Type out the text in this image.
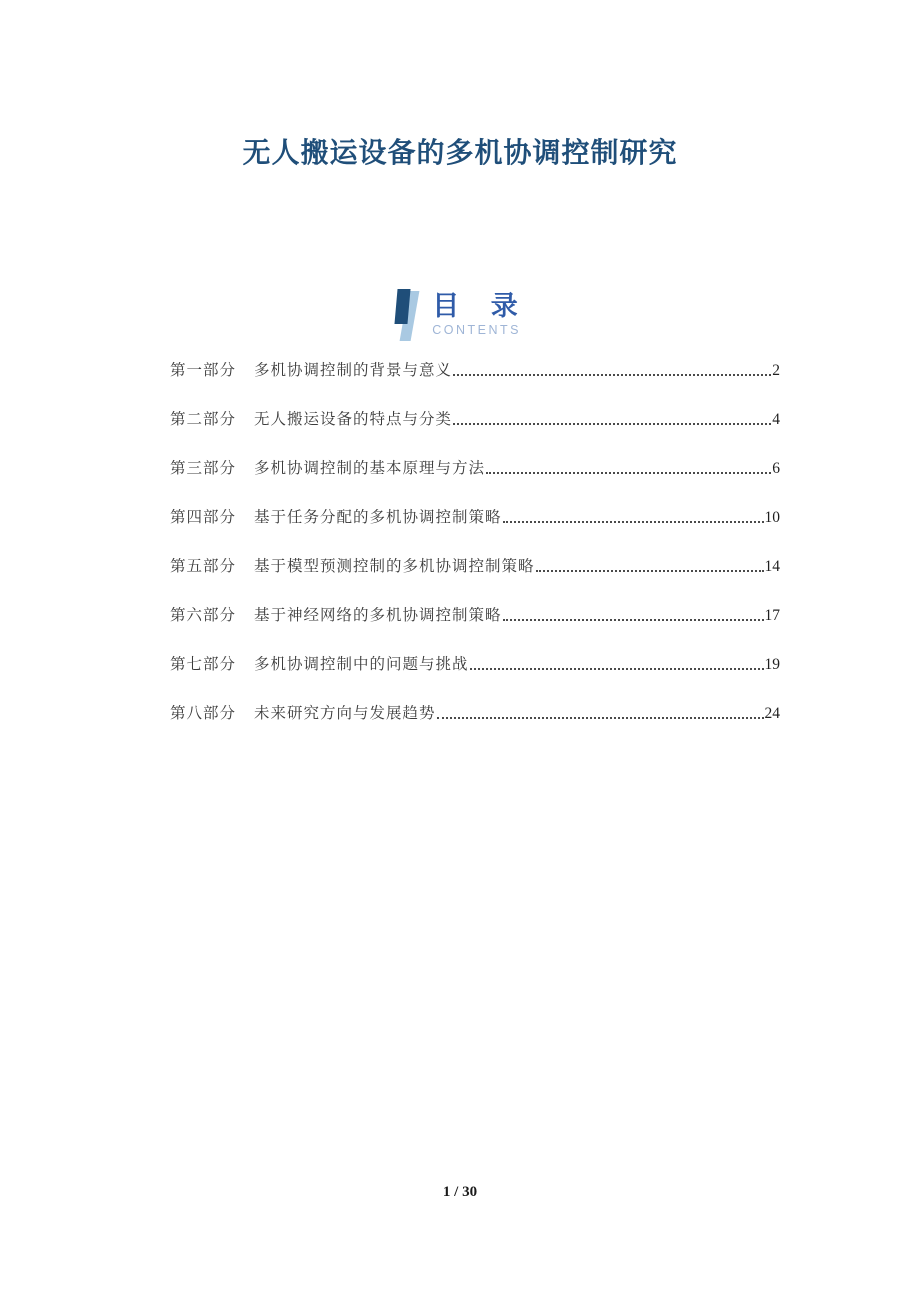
无人搬运设备的多机协调控制研究
目 录
CONTENTS
第一部分 多机协调控制的背景与意义	2
第二部分 无人搬运设备的特点与分类	4
第三部分 多机协调控制的基本原理与方法	6
第四部分 基于任务分配的多机协调控制策略	10
第五部分 基于模型预测控制的多机协调控制策略	14
第六部分 基于神经网络的多机协调控制策略	17
第七部分 多机协调控制中的问题与挑战	19
第八部分 未来研究方向与发展趋势	24
1 / 30
